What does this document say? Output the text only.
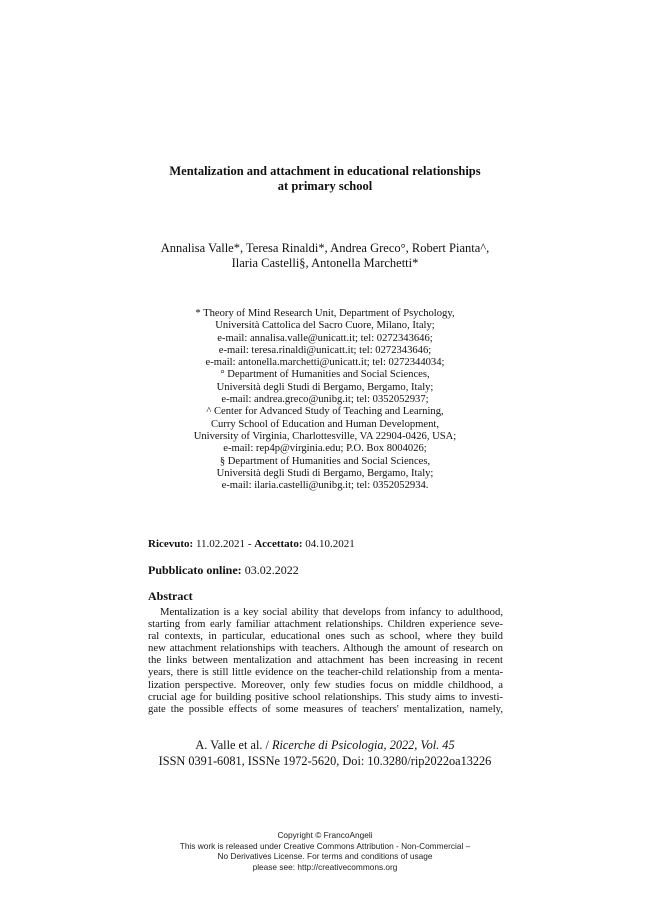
Mentalization and attachment in educational relationships
at primary school
Annalisa Valle*, Teresa Rinaldi*, Andrea Greco°, Robert Pianta^,
Ilaria Castelli§, Antonella Marchetti*
* Theory of Mind Research Unit, Department of Psychology,
Università Cattolica del Sacro Cuore, Milano, Italy;
e-mail: annalisa.valle@unicatt.it; tel: 0272343646;
e-mail: teresa.rinaldi@unicatt.it; tel: 0272343646;
e-mail: antonella.marchetti@unicatt.it; tel: 0272344034;
° Department of Humanities and Social Sciences,
Università degli Studi di Bergamo, Bergamo, Italy;
e-mail: andrea.greco@unibg.it; tel: 0352052937;
^ Center for Advanced Study of Teaching and Learning,
Curry School of Education and Human Development,
University of Virginia, Charlottesville, VA 22904-0426, USA;
e-mail: rep4p@virginia.edu; P.O. Box 8004026;
§ Department of Humanities and Social Sciences,
Università degli Studi di Bergamo, Bergamo, Italy;
e-mail: ilaria.castelli@unibg.it; tel: 0352052934.
Ricevuto: 11.02.2021 - Accettato: 04.10.2021
Pubblicato online: 03.02.2022
Abstract
Mentalization is a key social ability that develops from infancy to adulthood,
starting from early familiar attachment relationships. Children experience seve-
ral contexts, in particular, educational ones such as school, where they build
new attachment relationships with teachers. Although the amount of research on
the links between mentalization and attachment has been increasing in recent
years, there is still little evidence on the teacher-child relationship from a menta-
lization perspective. Moreover, only few studies focus on middle childhood, a
crucial age for building positive school relationships. This study aims to investi-
gate the possible effects of some measures of teachers' mentalization, namely,
A. Valle et al. / Ricerche di Psicologia, 2022, Vol. 45
ISSN 0391-6081, ISSNe 1972-5620, Doi: 10.3280/rip2022oa13226
Copyright © FrancoAngeli
This work is released under Creative Commons Attribution - Non-Commercial –
No Derivatives License. For terms and conditions of usage
please see: http://creativecommons.org
